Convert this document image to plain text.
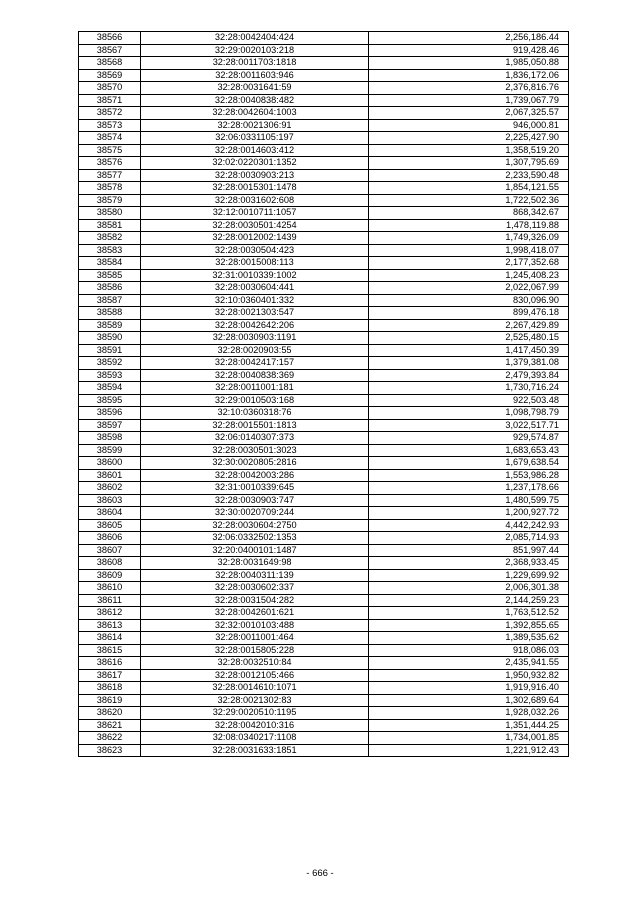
38566	32:28:0042404:424	2,256,186.44
38567	32:29:0020103:218	919,428.46
38568	32:28:0011703:1818	1,985,050.88
38569	32:28:0011603:946	1,836,172.06
38570	32:28:0031641:59	2,376,816.76
38571	32:28:0040838:482	1,739,067.79
38572	32:28:0042604:1003	2,067,325.57
38573	32:28:0021306:91	946,000.81
38574	32:06:0331105:197	2,225,427.90
38575	32:28:0014603:412	1,358,519.20
38576	32:02:0220301:1352	1,307,795.69
38577	32:28:0030903:213	2,233,590.48
38578	32:28:0015301:1478	1,854,121.55
38579	32:28:0031602:608	1,722,502.36
38580	32:12:0010711:1057	868,342.67
38581	32:28:0030501:4254	1,478,119.88
38582	32:28:0012002:1439	1,749,326.09
38583	32:28:0030504:423	1,998,418.07
38584	32:28:0015008:113	2,177,352.68
38585	32:31:0010339:1002	1,245,408.23
38586	32:28:0030604:441	2,022,067.99
38587	32:10:0360401:332	830,096.90
38588	32:28:0021303:547	899,476.18
38589	32:28:0042642:206	2,267,429.89
38590	32:28:0030903:1191	2,525,480.15
38591	32:28:0020903:55	1,417,450.39
38592	32:28:0042417:157	1,379,381.08
38593	32:28:0040838:369	2,479,393.84
38594	32:28:0011001:181	1,730,716.24
38595	32:29:0010503:168	922,503.48
38596	32:10:0360318:76	1,098,798.79
38597	32:28:0015501:1813	3,022,517.71
38598	32:06:0140307:373	929,574.87
38599	32:28:0030501:3023	1,683,653.43
38600	32:30:0020805:2816	1,679,638.54
38601	32:28:0042003:286	1,553,986.28
38602	32:31:0010339:645	1,237,178.66
38603	32:28:0030903:747	1,480,599.75
38604	32:30:0020709:244	1,200,927.72
38605	32:28:0030604:2750	4,442,242.93
38606	32:06:0332502:1353	2,085,714.93
38607	32:20:0400101:1487	851,997.44
38608	32:28:0031649:98	2,368,933.45
38609	32:28:0040311:139	1,229,699.92
38610	32:28:0030602:337	2,006,301.38
38611	32:28:0031504:282	2,144,259.23
38612	32:28:0042601:621	1,763,512.52
38613	32:32:0010103:488	1,392,855.65
38614	32:28:0011001:464	1,389,535.62
38615	32:28:0015805:228	918,086.03
38616	32:28:0032510:84	2,435,941.55
38617	32:28:0012105:466	1,950,932.82
38618	32:28:0014610:1071	1,919,916.40
38619	32:28:0021302:83	1,302,689.64
38620	32:29:0020510:1195	1,928,032.26
38621	32:28:0042010:316	1,351,444.25
38622	32:08:0340217:1108	1,734,001.85
38623	32:28:0031633:1851	1,221,912.43
- 666 -
